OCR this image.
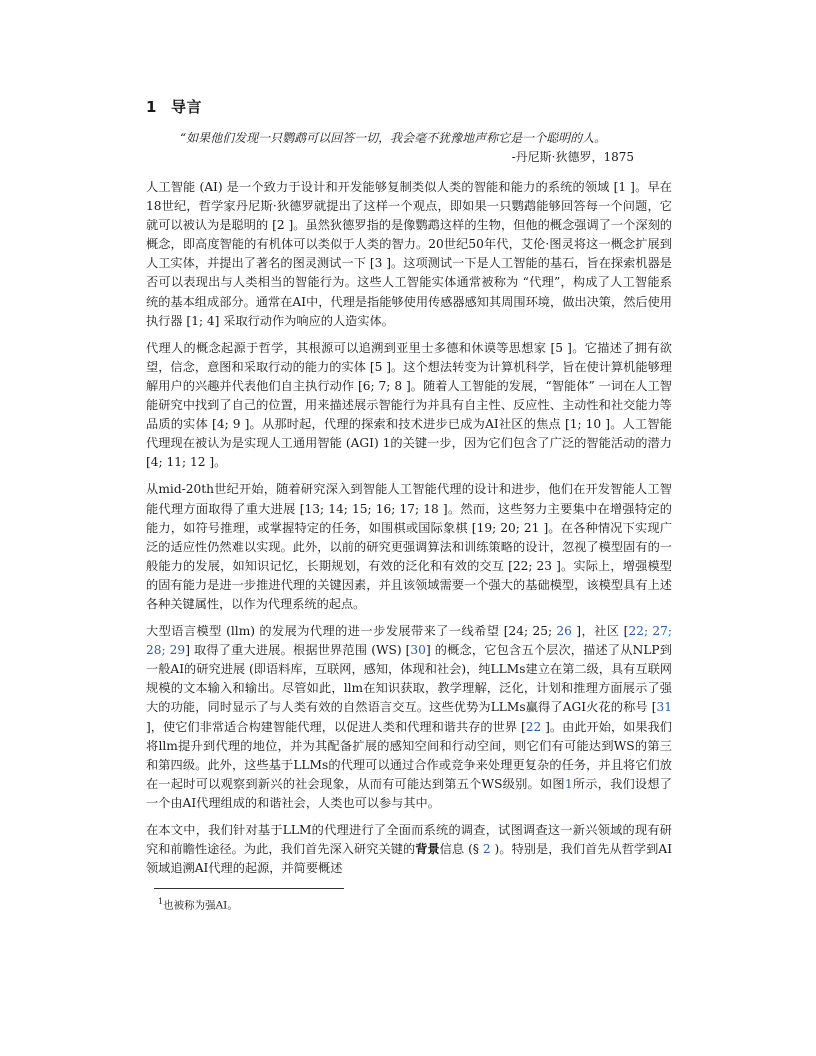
1 导言

“如果他们发现一只鹦鹉可以回答一切，我会毫不犹豫地声称它是一个聪明的人。

-丹尼斯·狄德罗，1875

人工智能 (AI) 是一个致力于设计和开发能够复制类似人类的智能和能力的系统的领域 [1 ]。早在18世纪，哲学家丹尼斯·狄德罗就提出了这样一个观点，即如果一只鹦鹉能够回答每一个问题，它就可以被认为是聪明的 [2 ]。虽然狄德罗指的是像鹦鹉这样的生物，但他的概念强调了一个深刻的概念，即高度智能的有机体可以类似于人类的智力。20世纪50年代，艾伦·图灵将这一概念扩展到人工实体，并提出了著名的图灵测试一下 [3 ]。这项测试一下是人工智能的基石，旨在探索机器是否可以表现出与人类相当的智能行为。这些人工智能实体通常被称为 “代理”，构成了人工智能系统的基本组成部分。通常在AI中，代理是指能够使用传感器感知其周围环境，做出决策，然后使用执行器 [1; 4] 采取行动作为响应的人造实体。

代理人的概念起源于哲学，其根源可以追溯到亚里士多德和休谟等思想家 [5 ]。它描述了拥有欲望，信念，意图和采取行动的能力的实体 [5 ]。这个想法转变为计算机科学，旨在使计算机能够理解用户的兴趣并代表他们自主执行动作 [6; 7; 8 ]。随着人工智能的发展，“智能体” 一词在人工智能研究中找到了自己的位置，用来描述展示智能行为并具有自主性、反应性、主动性和社交能力等品质的实体 [4; 9 ]。从那时起，代理的探索和技术进步已成为AI社区的焦点 [1; 10 ]。人工智能代理现在被认为是实现人工通用智能 (AGI) 1的关键一步，因为它们包含了广泛的智能活动的潜力 [4; 11; 12 ]。

从mid-20th世纪开始，随着研究深入到智能人工智能代理的设计和进步，他们在开发智能人工智能代理方面取得了重大进展 [13; 14; 15; 16; 17; 18 ]。然而，这些努力主要集中在增强特定的能力，如符号推理，或掌握特定的任务，如围棋或国际象棋 [19; 20; 21 ]。在各种情况下实现广泛的适应性仍然难以实现。此外，以前的研究更强调算法和训练策略的设计，忽视了模型固有的一般能力的发展，如知识记忆，长期规划，有效的泛化和有效的交互 [22; 23 ]。实际上，增强模型的固有能力是进一步推进代理的关键因素，并且该领域需要一个强大的基础模型，该模型具有上述各种关键属性，以作为代理系统的起点。

大型语言模型 (llm) 的发展为代理的进一步发展带来了一线希望 [24; 25; 26 ]，社区 [22; 27; 28; 29] 取得了重大进展。根据世界范围 (WS) [30] 的概念，它包含五个层次，描述了从NLP到一般AI的研究进展 (即语料库，互联网，感知，体现和社会)，纯LLMs建立在第二级，具有互联网规模的文本输入和输出。尽管如此，llm在知识获取，教学理解，泛化，计划和推理方面展示了强大的功能，同时显示了与人类有效的自然语言交互。这些优势为LLMs赢得了AGI火花的称号 [31 ]，使它们非常适合构建智能代理，以促进人类和代理和谐共存的世界 [22 ]。由此开始，如果我们将llm提升到代理的地位，并为其配备扩展的感知空间和行动空间，则它们有可能达到WS的第三和第四级。此外，这些基于LLMs的代理可以通过合作或竞争来处理更复杂的任务，并且将它们放在一起时可以观察到新兴的社会现象，从而有可能达到第五个WS级别。如图1所示，我们设想了一个由AI代理组成的和谐社会，人类也可以参与其中。

在本文中，我们针对基于LLM的代理进行了全面而系统的调查，试图调查这一新兴领域的现有研究和前瞻性途径。为此，我们首先深入研究关键的背景信息 (§ 2 )。特别是，我们首先从哲学到AI领域追溯AI代理的起源，并简要概述

$^1$也被称为强AI。
